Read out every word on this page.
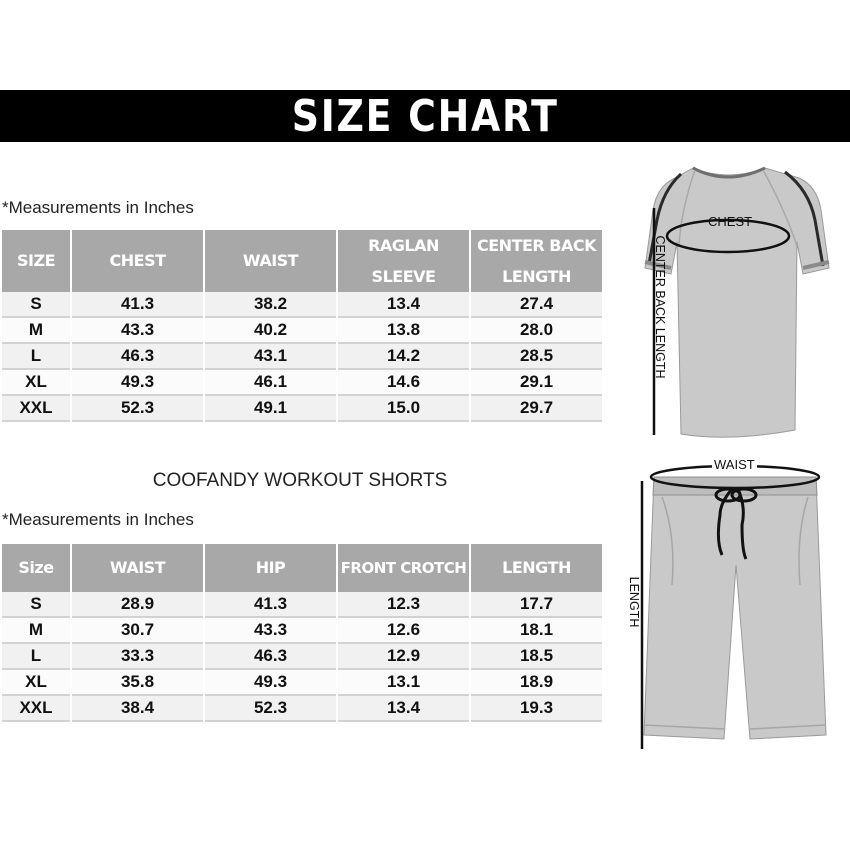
SIZE CHART
*Measurements in Inches
SIZE	CHEST	WAIST	RAGLAN SLEEVE	CENTER BACK LENGTH
S	41.3	38.2	13.4	27.4
M	43.3	40.2	13.8	28.0
L	46.3	43.1	14.2	28.5
XL	49.3	46.1	14.6	29.1
XXL	52.3	49.1	15.0	29.7
CHEST
CENTER BACK LENGTH
COOFANDY WORKOUT SHORTS
*Measurements in Inches
Size	WAIST	HIP	FRONT CROTCH	LENGTH
S	28.9	41.3	12.3	17.7
M	30.7	43.3	12.6	18.1
L	33.3	46.3	12.9	18.5
XL	35.8	49.3	13.1	18.9
XXL	38.4	52.3	13.4	19.3
WAIST
LENGTH
